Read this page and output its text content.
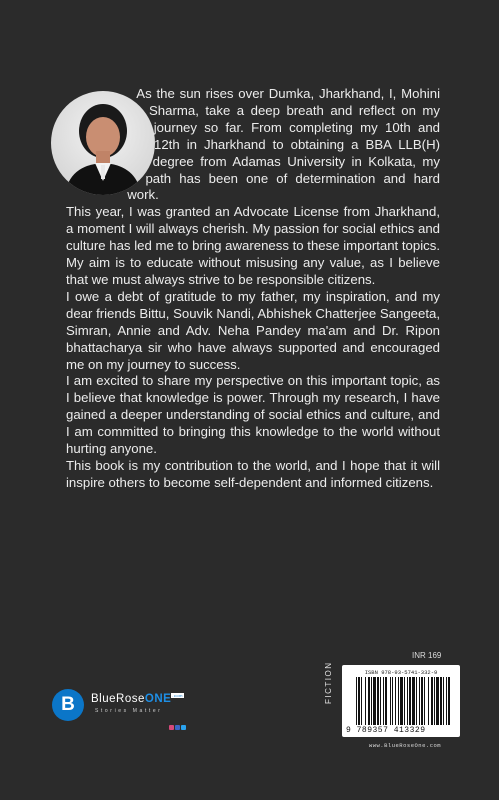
As the sun rises over Dumka, Jharkhand, I, Mohini Sharma, take a deep breath and reflect on my journey so far. From completing my 10th and 12th in Jharkhand to obtaining a BBA LLB(H) degree from Adamas University in Kolkata, my path has been one of determination and hard work.

This year, I was granted an Advocate License from Jharkhand, a moment I will always cherish. My passion for social ethics and culture has led me to bring awareness to these important topics. My aim is to educate without misusing any value, as I believe that we must always strive to be responsible citizens.

I owe a debt of gratitude to my father, my inspiration, and my dear friends Bittu, Souvik Nandi, Abhishek Chatterjee Sangeeta, Simran, Annie and Adv. Neha Pandey ma'am and Dr. Ripon bhattacharya sir who have always supported and encouraged me on my journey to success.

I am excited to share my perspective on this important topic, as I believe that knowledge is power. Through my research, I have gained a deeper understanding of social ethics and culture, and I am committed to bringing this knowledge to the world without hurting anyone.

This book is my contribution to the world, and I hope that it will inspire others to become self-dependent and informed citizens.

INR 169
FICTION	ISBN 978-93-5741-332-9
9 789357 413329
www.BlueRoseOne.com
B	BlueRoseONE$^{.com}$
Stories Matter
